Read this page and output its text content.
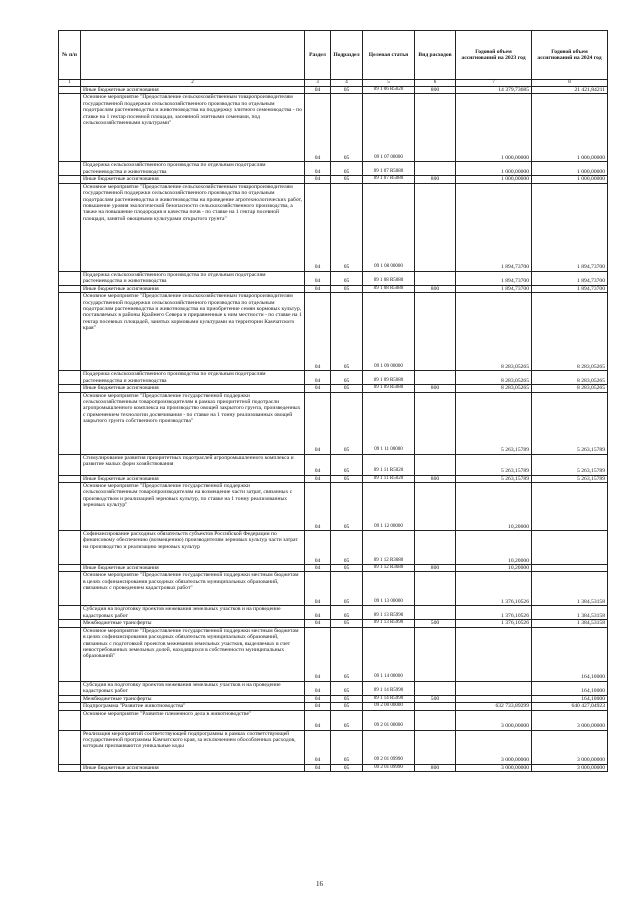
№ п/п		Раздел	Подраздел	Целевая статья	Вид расходов	Годовой объем ассигнований на 2023 год	Годовой объем ассигнований на 2024 год
1	2	3	4	5	6	7	8
	Иные бюджетные ассигнования	04	05	09 1 06 R5020	800	14 379,73685	21 421,84211
	Основное мероприятие "Предоставление сельскохозяйственным товаропроизводителям государственной поддержки сельскохозяйственного производства по отдельным подотраслям растениеводства и животноводства на поддержку элитного семеноводства - по ставке на 1 гектар посевной площади, засеянной элитными семенами, под сельскохозяйственными культурами"	04	05	09 1 07 00000		1 000,00000	1 000,00000
	Поддержка сельскохозяйственного производства по отдельным подотраслям растениеводства и животноводства	04	05	09 1 07 R5080		1 000,00000	1 000,00000
	Иные бюджетные ассигнования	04	05	09 1 07 R5080	800	1 000,00000	1 000,00000
	Основное мероприятие "Предоставление сельскохозяйственным товаропроизводителям государственной поддержки сельскохозяйственного производства по отдельным подотраслям растениеводства и животноводства на проведение агротехнологических работ, повышение уровня экологической безопасности сельскохозяйственного производства, а также на повышение плодородия и качества почв - по ставке на 1 гектар посевной площади, занятой овощными культурами открытого грунта"	04	05	09 1 08 00000		1 894,73700	1 894,73700
	Поддержка сельскохозяйственного производства по отдельным подотраслям растениеводства и животноводства	04	05	09 1 08 R5080		1 894,73700	1 894,73700
	Иные бюджетные ассигнования	04	05	09 1 08 R5080	800	1 894,73700	1 894,73700
	Основное мероприятие "Предоставление сельскохозяйственным товаропроизводителям государственной поддержки сельскохозяйственного производства по отдельным подотраслям растениеводства и животноводства на приобретение семян кормовых культур, поставляемых в районы Крайнего Севера и приравненные к ним местности - по ставке на 1 гектар посевных площадей, занятых кормовыми культурами на территории Камчатского края"	04	05	09 1 09 00000		8 283,05265	8 283,05265
	Поддержка сельскохозяйственного производства по отдельным подотраслям растениеводства и животноводства	04	05	09 1 09 R5080		8 283,05265	8 283,05265
	Иные бюджетные ассигнования	04	05	09 1 09 R5080	800	8 283,05265	8 283,05265
	Основное мероприятие "Предоставление государственной поддержки сельскохозяйственным товаропроизводителям в рамках приоритетной подотрасли агропромышленного комплекса на производство овощей закрытого грунта, произведенных с применением технологии досвечивания - по ставке на 1 тонну реализованных овощей закрытого грунта собственного производства"	04	05	09 1 11 00000		5 263,15789	5 263,15789
	Стимулирование развития приоритетных подотраслей агропромышленного комплекса и развитие малых форм хозяйствования	04	05	09 1 11 R5020		5 263,15789	5 263,15789
	Иные бюджетные ассигнования	04	05	09 1 11 R5020	800	5 263,15789	5 263,15789
	Основное мероприятие "Предоставление государственной поддержки сельскохозяйственным товаропроизводителям на возмещение части затрат, связанных с производством и реализацией зерновых культур, по ставке на 1 тонну реализованных зерновых культур"	04	05	09 1 12 00000		10,20000	
	Софинансирование расходных обязательств субъектов Российской Федерации по финансовому обеспечению (возмещению) производителям зерновых культур части затрат на производство и реализацию зерновых культур	04	05	09 1 12 R3680		10,20000	
	Иные бюджетные ассигнования	04	05	09 1 12 R3680	800	10,20000	
	Основное мероприятие "Предоставление государственной поддержки местным бюджетам в целях софинансирования расходных обязательств муниципальных образований, связанных с проведением кадастровых работ"	04	05	09 1 13 00000		1 376,10526	1 384,53158
	Субсидия на подготовку проектов межевания земельных участков и на проведение кадастровых работ	04	05	09 1 13 R5990		1 376,10526	1 384,53158
	Межбюджетные трансферты	04	05	09 1 13 R5990	500	1 376,10526	1 384,53158
	Основное мероприятие "Предоставление государственной поддержки местным бюджетам в целях софинансирования расходных обязательств муниципальных образований, связанных с подготовкой проектов межевания земельных участков, выделяемых в счет невостребованных земельных долей, находящихся в собственности муниципальных образований"	04	05	09 1 14 00000			164,10000
	Субсидия на подготовку проектов межевания земельных участков и на проведение кадастровых работ	04	05	09 1 14 R5990			164,10000
	Межбюджетные трансферты	04	05	09 1 14 R5990	500		164,10000
	Подпрограмма "Развитие животноводства"	04	05	09 2 00 00000		632 733,89299	640 427,04923
	Основное мероприятие "Развитие племенного дела в животноводстве"	04	05	09 2 01 00000		3 000,00000	3 000,00000
	Реализация мероприятий соответствующей подпрограммы в рамках соответствующей государственной программы Камчатского края, за исключением обособленных расходов, которым присваиваются уникальные коды	04	05	09 2 01 09990		3 000,00000	3 000,00000
	Иные бюджетные ассигнования	04	05	09 2 01 09990	800	3 000,00000	3 000,00000
16
